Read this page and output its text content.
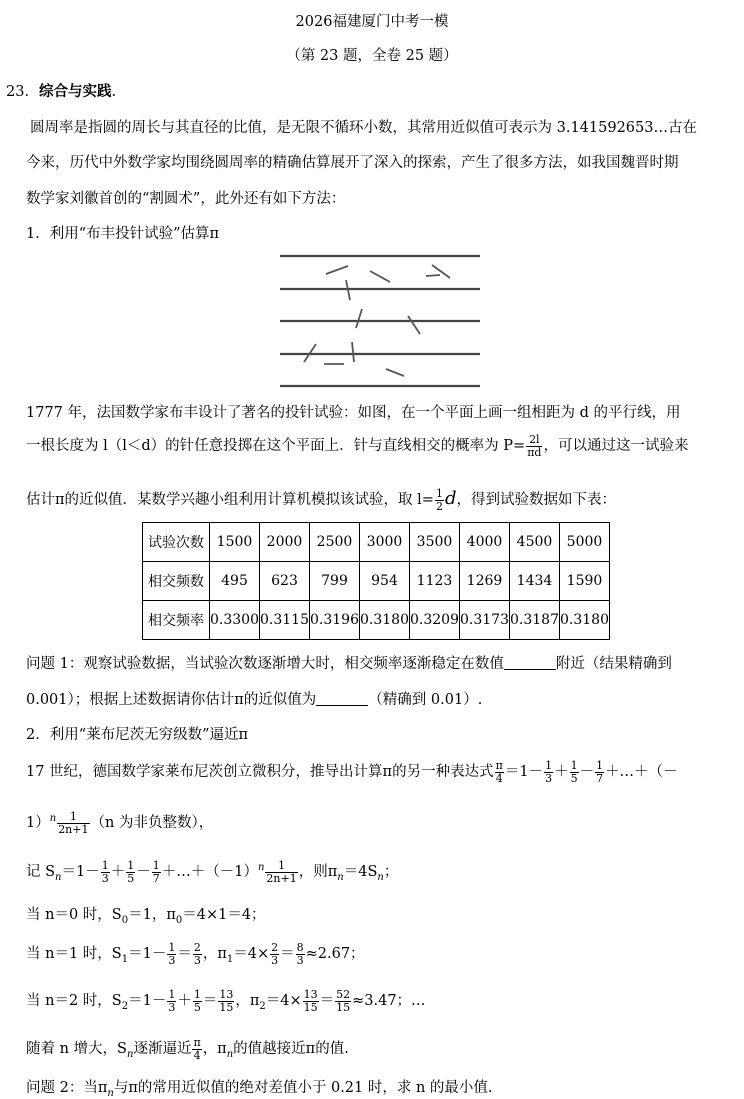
2026福建厦门中考一模
（第 23 题，全卷 25 题）
23．综合与实践.
圆周率是指圆的周长与其直径的比值，是无限不循环小数，其常用近似值可表示为 3.141592653…古在
今来，历代中外数学家均围绕圆周率的精确估算展开了深入的探索，产生了很多方法，如我国魏晋时期
数学家刘徽首创的“割圆术”，此外还有如下方法：
1．利用“布丰投针试验”估算π
1777 年，法国数学家布丰设计了著名的投针试验：如图，在一个平面上画一组相距为 d 的平行线，用
一根长度为 l（l＜d）的针任意投掷在这个平面上．针与直线相交的概率为 $P= \frac{2l}{\pi d}$ ，可以通过这一试验来
估计π的近似值．某数学兴趣小组利用计算机模拟该试验，取 $l= \frac{1}{2}$ d，得到试验数据如下表：
试验次数	1500	2000	2500	3000	3500	4000	4500	5000
相交频数	495	623	799	954	1123	1269	1434	1590
相交频率	0.3300	0.3115	0.3196	0.3180	0.3209	0.3173	0.3187	0.3180
问题 1：观察试验数据，当试验次数逐渐增大时，相交频率逐渐稳定在数值	附近（结果精确到
0.001）；根据上述数据请你估计π的近似值为	（精确到 0.01）.
2．利用“莱布尼茨无穷级数”逼近π
17 世纪，德国数学家莱布尼茨创立微积分，推导出计算π的另一种表达式 $\frac{\pi}{4} =1- \frac{1}{3} + \frac{1}{5} - \frac{1}{7}$ ＋…＋（－
$1)^n \frac{1}{2n+1} (n$ 为非负整数），
记 $S_n=1- \frac{1}{3} + \frac{1}{5} - \frac{1}{7}$ $+\dots+(-1)^n \frac{1}{2n+1}$ ，则$\pi_n=4S_n$；
当 n＝0 时，$S_0=1$，$\pi_0=4\times 1=4$；
当 n＝1 时，$S_1=1- \frac{1}{3} = \frac{2}{3}$ ，$\pi_1=4\times \frac{2}{3} = \frac{8}{3} \approx 2.67$；
当 n＝2 时，$S_2=1- \frac{1}{3} + \frac{1}{5} = \frac{13}{15}$ ，$\pi_2=4\times \frac{13}{15} = \frac{52}{15} \approx 3.47$；…
随着 n 增大，$S_n$逐渐逼近 $\frac{\pi}{4}$ ，$\pi_n$的值越接近π的值.
问题 2：当$\pi_n$与π的常用近似值的绝对差值小于 0.21 时，求 n 的最小值.
